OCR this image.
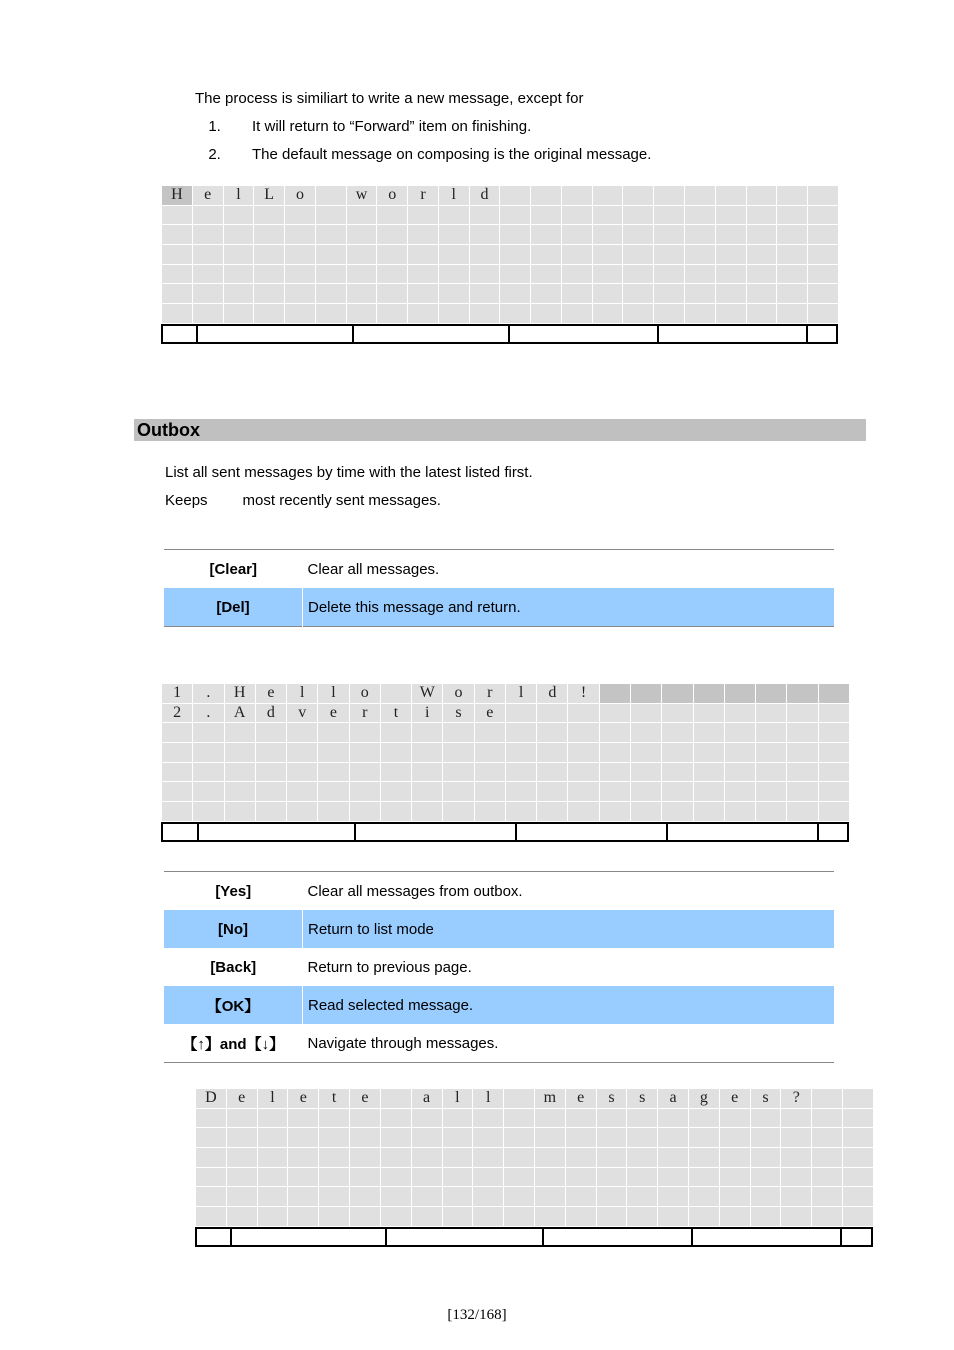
The process is similiart to write a new message, except for

1. It will return to “Forward” item on finishing.
2. The default message on composing is the original message.
H	e	l	L	o		w	o	r	l	d											

Outbox

List all sent messages by time with the latest listed first.

Keeps most recently sent messages.

[Clear]	Clear all messages.
[Del]	Delete this message and return.
1	.	H	e	l	l	o		W	o	r	l	d	!								
2	.	A	d	v	e	r	t	i	s	e											

[Yes]	Clear all messages from outbox.
[No]	Return to list mode
[Back]	Return to previous page.
【OK】	Read selected message.
【↑】and【↓】	Navigate through messages.
D	e	l	e	t	e		a	l	l		m	e	s	s	a	g	e	s	?		

[132/168]
